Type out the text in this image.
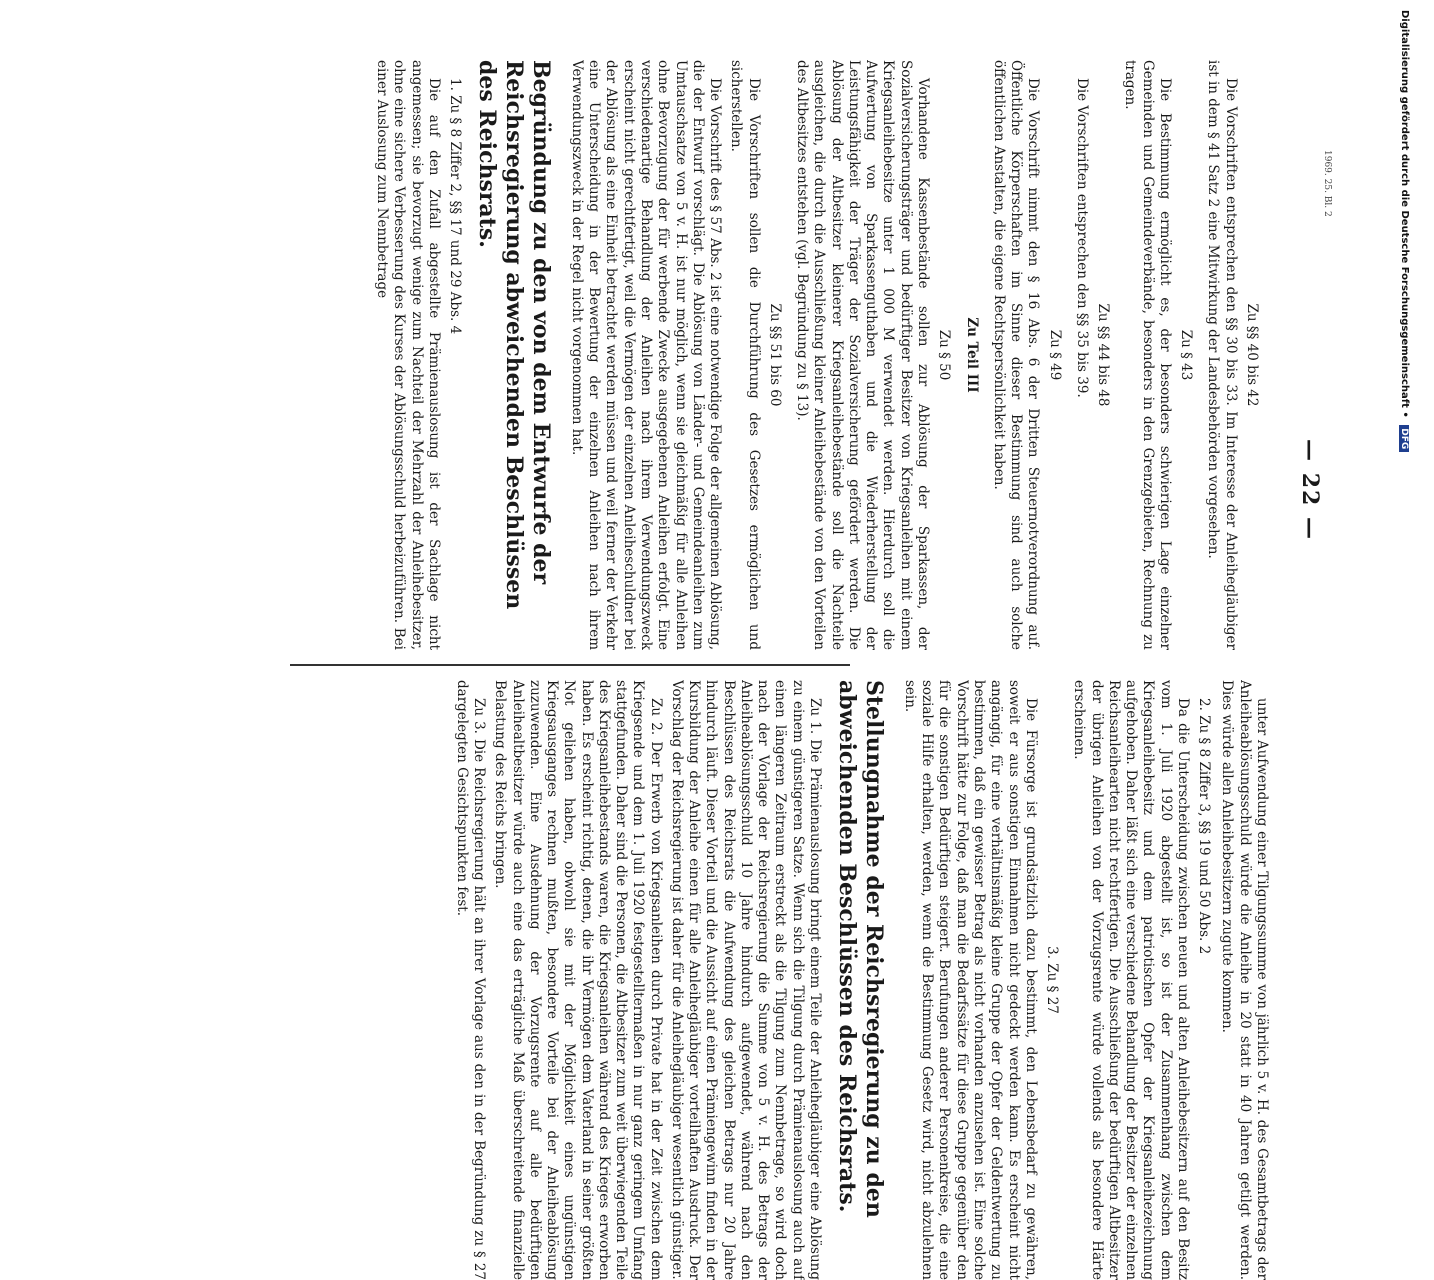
— 22 —
Zu §§ 40 bis 42

Die Vorschriften entsprechen den §§ 30 bis 33. Im Interesse der Anleihegläubiger ist in dem § 41 Satz 2 eine Mitwirkung der Landesbehörden vorgesehen.

Zu § 43

Die Bestimmung ermöglicht es, der besonders schwierigen Lage einzelner Gemeinden und Gemeindeverbände, besonders in den Grenzgebieten, Rechnung zu tragen.

Zu §§ 44 bis 48

Die Vorschriften entsprechen den §§ 35 bis 39.

Zu § 49

Die Vorschrift nimmt den § 16 Abs. 6 der Dritten Steuernotverordnung auf. Öffentliche Körperschaften im Sinne dieser Bestimmung sind auch solche öffentlichen Anstalten, die eigene Rechtspersönlichkeit haben.

Zu Teil III
Zu § 50

Vorhandene Kassenbestände sollen zur Ablösung der Sparkassen, der Sozialversicherungsträger und bedürftiger Besitzer von Kriegsanleihen mit einem Kriegsanleihebesitze unter 1 000 M verwendet werden. Hierdurch soll die Aufwertung von Sparkassenguthaben und die Wiederherstellung der Leistungsfähigkeit der Träger der Sozialversicherung gefördert werden. Die Ablösung der Altbesitzer kleinerer Kriegsanleihebestände soll die Nachteile ausgleichen, die durch die Ausschließung kleiner Anleihebestände von den Vorteilen des Altbesitzes entstehen (vgl. Begründung zu § 13).

Zu §§ 51 bis 60

Die Vorschriften sollen die Durchführung des Gesetzes ermöglichen und sicherstellen.

Die Vorschrift des § 57 Abs. 2 ist eine notwendige Folge der allgemeinen Ablösung, die der Entwurf vorschlägt. Die Ablösung von Länder- und Gemeindeanleihen zum Umtauschsatze von 5 v. H. ist nur möglich, wenn sie gleichmäßig für alle Anleihen ohne Bevorzugung der für werbende Zwecke ausgegebenen Anleihen erfolgt. Eine verschiedenartige Behandlung der Anleihen nach ihrem Verwendungszweck erscheint nicht gerechtfertigt, weil die Vermögen der einzelnen Anleiheschuldner bei der Ablösung als eine Einheit betrachtet werden müssen und weil ferner der Verkehr eine Unterscheidung in der Bewertung der einzelnen Anleihen nach ihrem Verwendungszweck in der Regel nicht vorgenommen hat.

Begründung zu den von dem Entwurfe der Reichsregierung abweichenden Beschlüssen des Reichsrats.
1. Zu § 8 Ziffer 2, §§ 17 und 29 Abs. 4

Die auf den Zufall abgestellte Prämienauslosung ist der Sachlage nicht angemessen; sie bevorzugt wenige zum Nachteil der Mehrzahl der Anleihebesitzer, ohne eine sichere Verbesserung des Kurses der Ablösungsschuld herbeizuführen. Bei einer Auslosung zum Nennbetrage

unter Aufwendung einer Tilgungssumme von jährlich 5 v. H. des Gesamtbetrags der Anleiheablösungsschuld würde die Anleihe in 20 statt in 40 Jahren getilgt werden. Dies würde allen Anleihebesitzern zugute kommen.

2. Zu § 8 Ziffer 3, §§ 19 und 50 Abs. 2

Da die Unterscheidung zwischen neuen und alten Anleihebesitzern auf den Besitz vom 1. Juli 1920 abgestellt ist, so ist der Zusammenhang zwischen dem Kriegsanleihebesitz und dem patriotischen Opfer der Kriegsanleihezeichnung aufgehoben. Daher läßt sich eine verschiedene Behandlung der Besitzer der einzelnen Reichsanleihearten nicht rechtfertigen. Die Ausschließung der bedürftigen Altbesitzer der übrigen Anleihen von der Vorzugsrente würde vollends als besondere Härte erscheinen.

3. Zu § 27

Die Fürsorge ist grundsätzlich dazu bestimmt, den Lebensbedarf zu gewähren, soweit er aus sonstigen Einnahmen nicht gedeckt werden kann. Es erscheint nicht angängig, für eine verhältnismäßig kleine Gruppe der Opfer der Geldentwertung zu bestimmen, daß ein gewisser Betrag als nicht vorhanden anzusehen ist. Eine solche Vorschrift hätte zur Folge, daß man die Bedarfssätze für diese Gruppe gegenüber den für die sonstigen Bedürftigen steigert. Berufungen anderer Personenkreise, die eine soziale Hilfe erhalten, werden, wenn die Bestimmung Gesetz wird, nicht abzulehnen sein.

Stellungnahme der Reichsregierung zu den abweichenden Beschlüssen des Reichsrats.

Zu 1. Die Prämienauslosung bringt einem Teile der Anleihegläubiger eine Ablösung zu einem günstigeren Satze. Wenn sich die Tilgung durch Prämienauslosung auch auf einen längeren Zeitraum erstreckt als die Tilgung zum Nennbetrage, so wird doch nach der Vorlage der Reichsregierung die Summe von 5 v. H. des Betrags der Anleiheablösungsschuld 10 Jahre hindurch aufgewendet, während nach den Beschlüssen des Reichsrats die Aufwendung des gleichen Betrags nur 20 Jahre hindurch läuft. Dieser Vorteil und die Aussicht auf einen Prämiengewinn finden in der Kursbildung der Anleihe einen für alle Anleihegläubiger vorteilhaften Ausdruck. Der Vorschlag der Reichsregierung ist daher für die Anleihegläubiger wesentlich günstiger.

Zu 2. Der Erwerb von Kriegsanleihen durch Private hat in der Zeit zwischen dem Kriegsende und dem 1. Juli 1920 festgestelltermaßen in nur ganz geringem Umfang stattgefunden. Daher sind die Personen, die Altbesitzer zum weit überwiegenden Teile des Kriegsanleihebestands waren, die Kriegsanleihen während des Krieges erworben haben. Es erscheint richtig, denen, die ihr Vermögen dem Vaterland in seiner größten Not geliehen haben, obwohl sie mit der Möglichkeit eines ungünstigen Kriegsausganges rechnen mußten, besondere Vorteile bei der Anleiheablösung zuzuwenden. Eine Ausdehnung der Vorzugsrente auf alle bedürftigen Anleihealtbesitzer würde auch eine das erträgliche Maß überschreitende finanzielle Belastung des Reichs bringen.

Zu 3. Die Reichsregierung hält an ihrer Vorlage aus den in der Begründung zu § 27 dargelegten Gesichtspunkten fest.

Digitalisierung gefördert durch die Deutsche Forschungsgemeinschaft • DFG
1969. 25. Bl. 2
